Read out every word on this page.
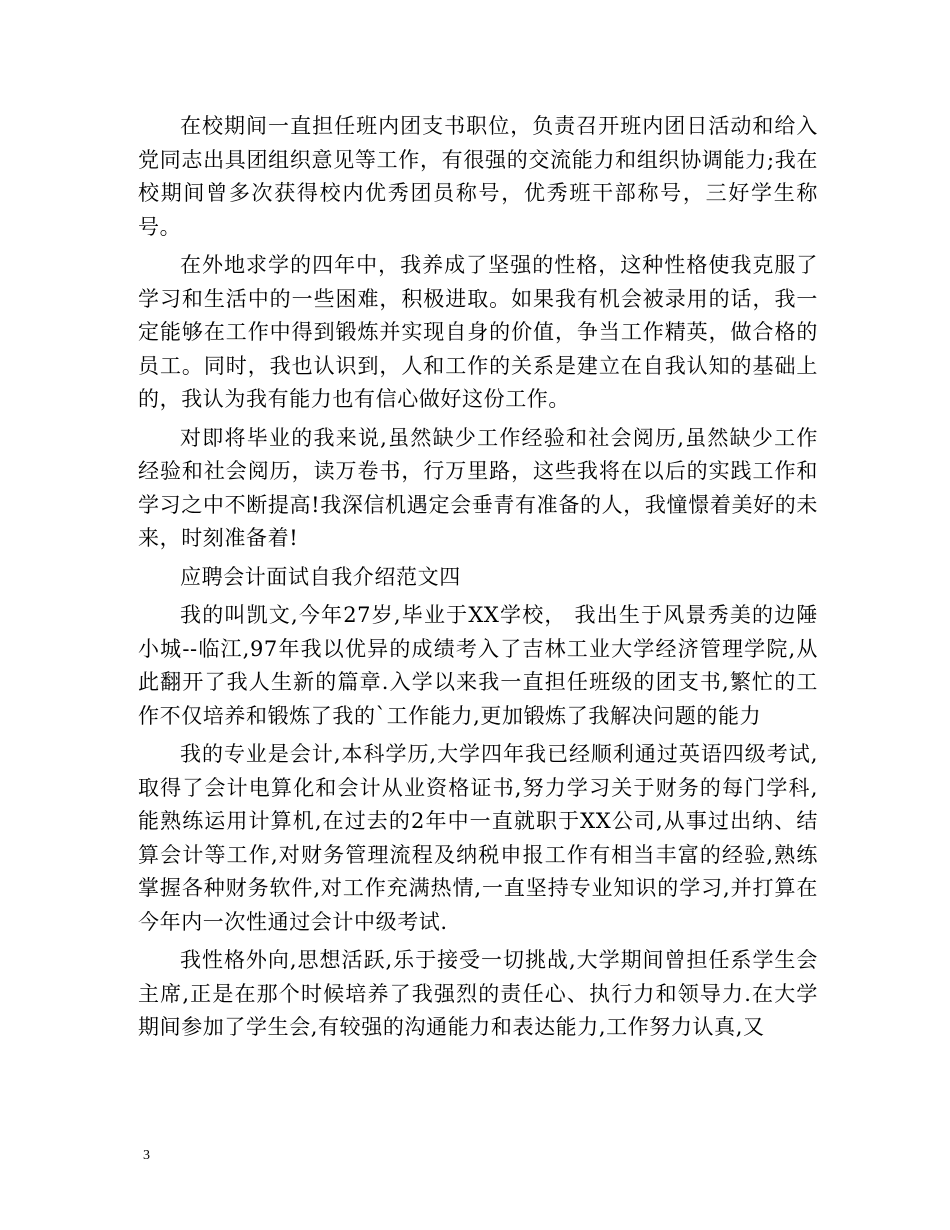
在校期间一直担任班内团支书职位，负责召开班内团日活动和给入党同志出具团组织意见等工作，有很强的交流能力和组织协调能力;我在校期间曾多次获得校内优秀团员称号，优秀班干部称号，三好学生称号。

在外地求学的四年中，我养成了坚强的性格，这种性格使我克服了学习和生活中的一些困难，积极进取。如果我有机会被录用的话，我一定能够在工作中得到锻炼并实现自身的价值，争当工作精英，做合格的员工。同时，我也认识到，人和工作的关系是建立在自我认知的基础上的，我认为我有能力也有信心做好这份工作。

对即将毕业的我来说,虽然缺少工作经验和社会阅历,虽然缺少工作经验和社会阅历，读万卷书，行万里路，这些我将在以后的实践工作和学习之中不断提高!我深信机遇定会垂青有准备的人，我憧憬着美好的未来，时刻准备着!

应聘会计面试自我介绍范文四

我的叫凯文,今年27岁,毕业于XX学校， 我出生于风景秀美的边陲小城--临江,97年我以优异的成绩考入了吉林工业大学经济管理学院,从此翻开了我人生新的篇章.入学以来我一直担任班级的团支书,繁忙的工作不仅培养和锻炼了我的`工作能力,更加锻炼了我解决问题的能力

我的专业是会计,本科学历,大学四年我已经顺利通过英语四级考试,取得了会计电算化和会计从业资格证书,努力学习关于财务的每门学科,能熟练运用计算机,在过去的2年中一直就职于XX公司,从事过出纳、结算会计等工作,对财务管理流程及纳税申报工作有相当丰富的经验,熟练掌握各种财务软件,对工作充满热情,一直坚持专业知识的学习,并打算在今年内一次性通过会计中级考试.

我性格外向,思想活跃,乐于接受一切挑战,大学期间曾担任系学生会主席,正是在那个时候培养了我强烈的责任心、执行力和领导力.在大学期间参加了学生会,有较强的沟通能力和表达能力,工作努力认真,又

3
